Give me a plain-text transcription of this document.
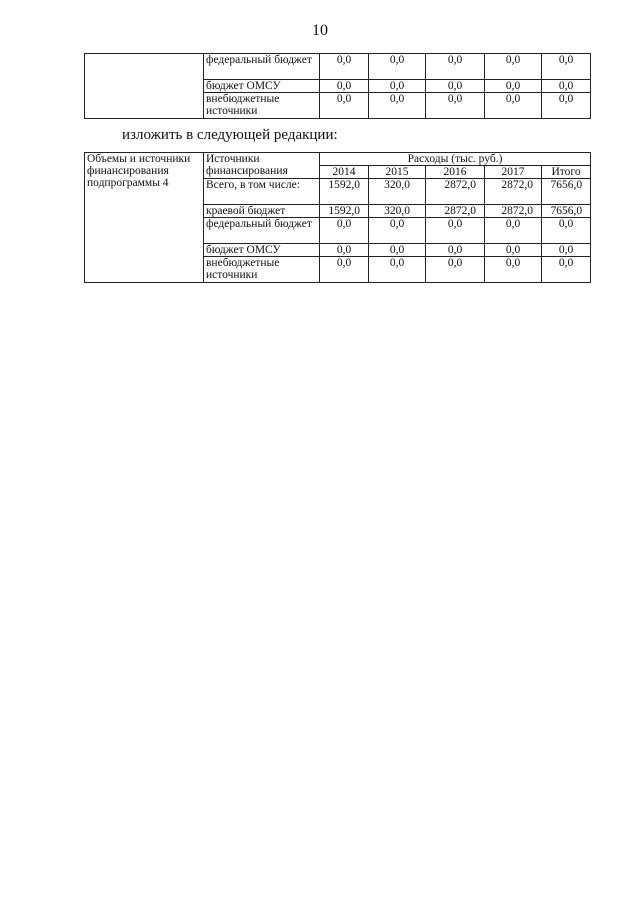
10
	федеральный бюджет	0,0	0,0	0,0	0,0	0,0
	бюджет ОМСУ	0,0	0,0	0,0	0,0	0,0
	внебюджетные источники	0,0	0,0	0,0	0,0	0,0
изложить в следующей редакции:
Объемы и источники финансирования подпрограммы 4	Источники финансирования	Расходы (тыс. руб.)				
		2014	2015	2016	2017	Итого
	Всего, в том числе:	1592,0	320,0	2872,0	2872,0	7656,0
	краевой бюджет	1592,0	320,0	2872,0	2872,0	7656,0
	федеральный бюджет	0,0	0,0	0,0	0,0	0,0
	бюджет ОМСУ	0,0	0,0	0,0	0,0	0,0
	внебюджетные источники	0,0	0,0	0,0	0,0	0,0
